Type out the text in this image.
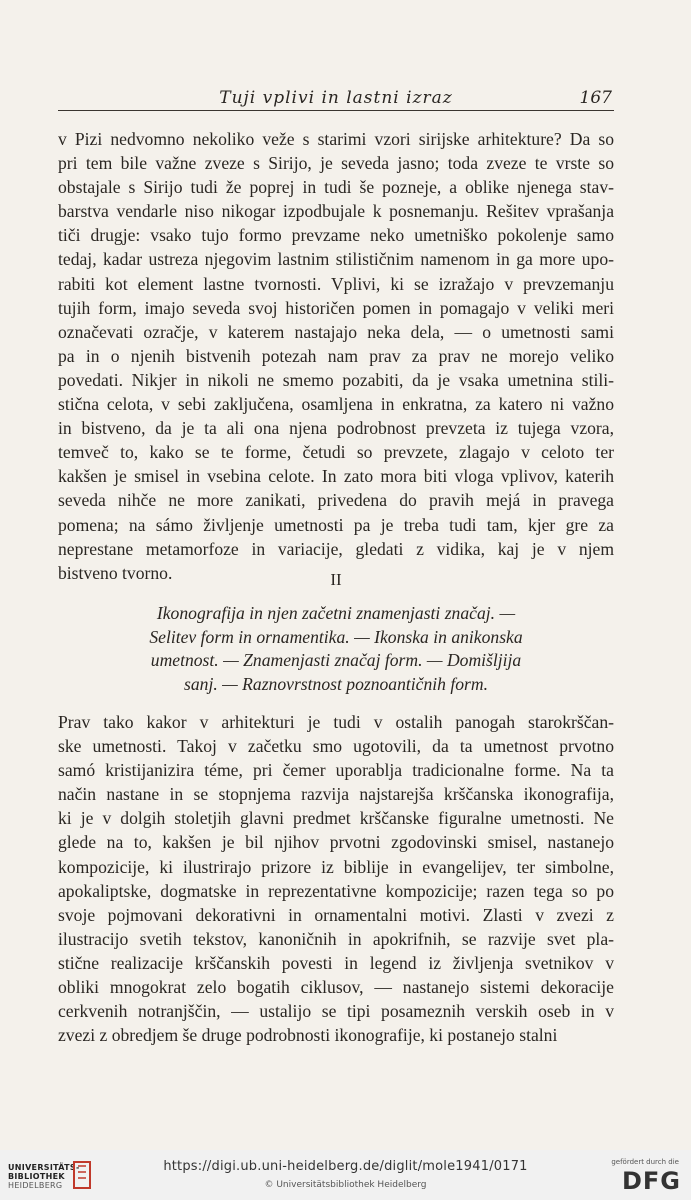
Tuji vplivi in lastni izraz	167

v Pizi nedvomno nekoliko veže s starimi vzori sirijske arhitekture? Da so

pri tem bile važne zveze s Sirijo, je seveda jasno; toda zveze te vrste so

obstajale s Sirijo tudi že poprej in tudi še pozneje, a oblike njenega stav-

barstva vendarle niso nikogar izpodbujale k posnemanju. Rešitev vprašanja

tiči drugje: vsako tujo formo prevzame neko umetniško pokolenje samo

tedaj, kadar ustreza njegovim lastnim stilističnim namenom in ga more upo-

rabiti kot element lastne tvornosti. Vplivi, ki se izražajo v prevzemanju

tujih form, imajo seveda svoj historičen pomen in pomagajo v veliki meri

označevati ozračje, v katerem nastajajo neka dela, — o umetnosti sami

pa in o njenih bistvenih potezah nam prav za prav ne morejo veliko

povedati. Nikjer in nikoli ne smemo pozabiti, da je vsaka umetnina stili-

stična celota, v sebi zaključena, osamljena in enkratna, za katero ni važno

in bistveno, da je ta ali ona njena podrobnost prevzeta iz tujega vzora,

temveč to, kako se te forme, četudi so prevzete, zlagajo v celoto ter

kakšen je smisel in vsebina celote. In zato mora biti vloga vplivov, katerih

seveda nihče ne more zanikati, privedena do pravih mejá in pravega

pomena; na sámo življenje umetnosti pa je treba tudi tam, kjer gre za

neprestane metamorfoze in variacije, gledati z vidika, kaj je v njem

bistveno tvorno.	II

Ikonografija in njen začetni znamenjasti značaj. —

Selitev form in ornamentika. — Ikonska in anikonska

umetnost. — Znamenjasti značaj form. — Domišljija

sanj. — Raznovrstnost poznoantičnih form.

Prav tako kakor v arhitekturi je tudi v ostalih panogah starokrščan-

ske umetnosti. Takoj v začetku smo ugotovili, da ta umetnost prvotno

samó kristijanizira téme, pri čemer uporablja tradicionalne forme. Na ta

način nastane in se stopnjema razvija najstarejša krščanska ikonografija,

ki je v dolgih stoletjih glavni predmet krščanske figuralne umetnosti. Ne

glede na to, kakšen je bil njihov prvotni zgodovinski smisel, nastanejo

kompozicije, ki ilustrirajo prizore iz biblije in evangelijev, ter simbolne,

apokaliptske, dogmatske in reprezentativne kompozicije; razen tega so po

svoje pojmovani dekorativni in ornamentalni motivi. Zlasti v zvezi z

ilustracijo svetih tekstov, kanoničnih in apokrifnih, se razvije svet pla-

stične realizacije krščanskih povesti in legend iz življenja svetnikov v

obliki mnogokrat zelo bogatih ciklusov, — nastanejo sistemi dekoracije

cerkvenih notranjščin, — ustalijo se tipi posameznih verskih oseb in v

zvezi z obredjem še druge podrobnosti ikonografije, ki postanejo stalni

UNIVERSITÄTS-
BIBLIOTHEK
HEIDELBERG
https://digi.ub.uni-heidelberg.de/diglit/mole1941/0171
© Universitätsbibliothek Heidelberg
gefördert durch die
DFG
